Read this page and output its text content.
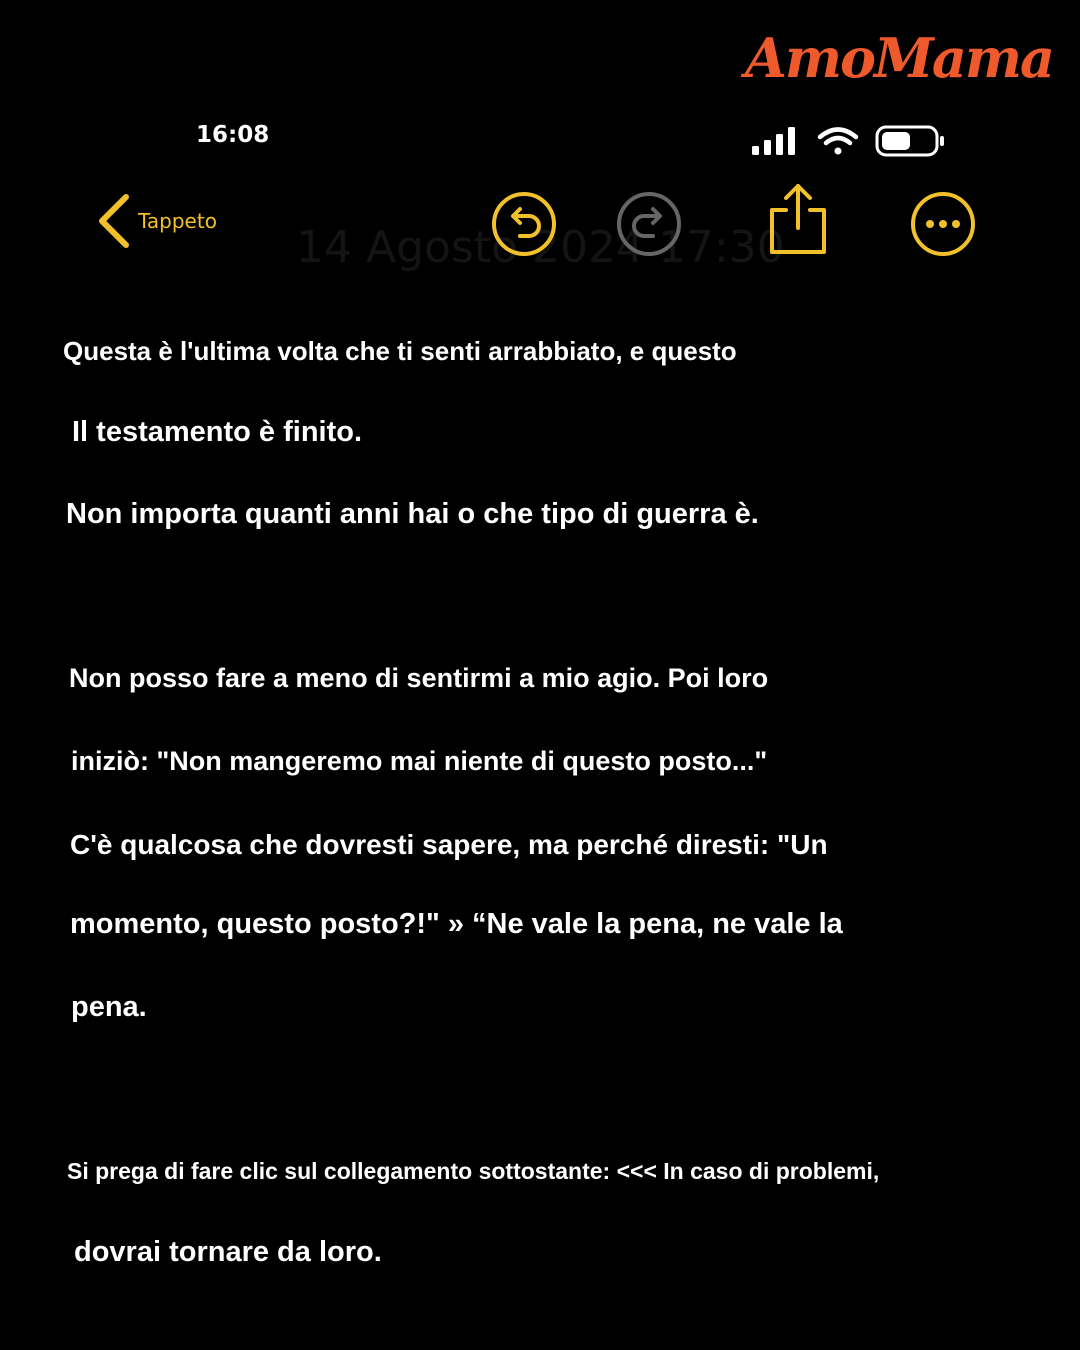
AmoMama
14 Agosto 2024 17:30
16:08
Tappeto
Questa è l'ultima volta che ti senti arrabbiato, e questo
Il testamento è finito.
Non importa quanti anni hai o che tipo di guerra è.
Non posso fare a meno di sentirmi a mio agio. Poi loro
iniziò: "Non mangeremo mai niente di questo posto..."
C'è qualcosa che dovresti sapere, ma perché diresti: "Un
momento, questo posto?!" » “Ne vale la pena, ne vale la
pena.
Si prega di fare clic sul collegamento sottostante: <<< In caso di problemi,
dovrai tornare da loro.
